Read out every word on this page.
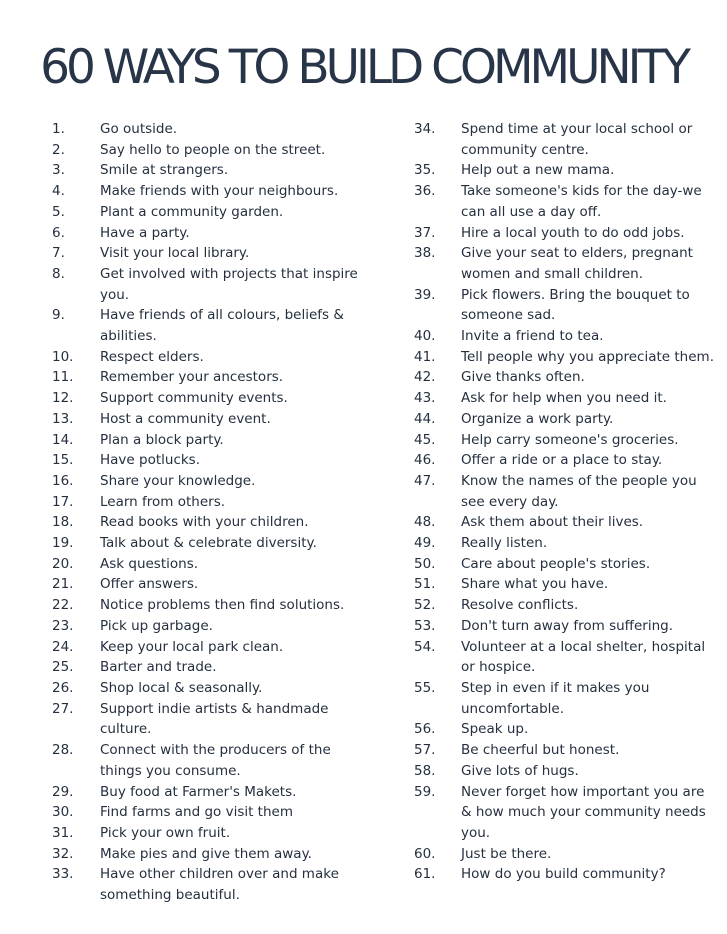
60 WAYS TO BUILD COMMUNITY
1.	Go outside.
2.	Say hello to people on the street.
3.	Smile at strangers.
4.	Make friends with your neighbours.
5.	Plant a community garden.
6.	Have a party.
7.	Visit your local library.
8.	Get involved with projects that inspire you.
9.	Have friends of all colours, beliefs & abilities.
10.	Respect elders.
11.	Remember your ancestors.
12.	Support community events.
13.	Host a community event.
14.	Plan a block party.
15.	Have potlucks.
16.	Share your knowledge.
17.	Learn from others.
18.	Read books with your children.
19.	Talk about & celebrate diversity.
20.	Ask questions.
21.	Offer answers.
22.	Notice problems then find solutions.
23.	Pick up garbage.
24.	Keep your local park clean.
25.	Barter and trade.
26.	Shop local & seasonally.
27.	Support indie artists & handmade culture.
28.	Connect with the producers of the things you consume.
29.	Buy food at Farmer's Makets.
30.	Find farms and go visit them
31.	Pick your own fruit.
32.	Make pies and give them away.
33.	Have other children over and make something beautiful.
34.	Spend time at your local school or community centre.
35.	Help out a new mama.
36.	Take someone's kids for the day-we can all use a day off.
37.	Hire a local youth to do odd jobs.
38.	Give your seat to elders, pregnant women and small children.
39.	Pick flowers. Bring the bouquet to someone sad.
40.	Invite a friend to tea.
41.	Tell people why you appreciate them.
42.	Give thanks often.
43.	Ask for help when you need it.
44.	Organize a work party.
45.	Help carry someone's groceries.
46.	Offer a ride or a place to stay.
47.	Know the names of the people you see every day.
48.	Ask them about their lives.
49.	Really listen.
50.	Care about people's stories.
51.	Share what you have.
52.	Resolve conflicts.
53.	Don't turn away from suffering.
54.	Volunteer at a local shelter, hospital or hospice.
55.	Step in even if it makes you uncomfortable.
56.	Speak up.
57.	Be cheerful but honest.
58.	Give lots of hugs.
59.	Never forget how important you are & how much your community needs you.
60.	Just be there.
61.	How do you build community?
